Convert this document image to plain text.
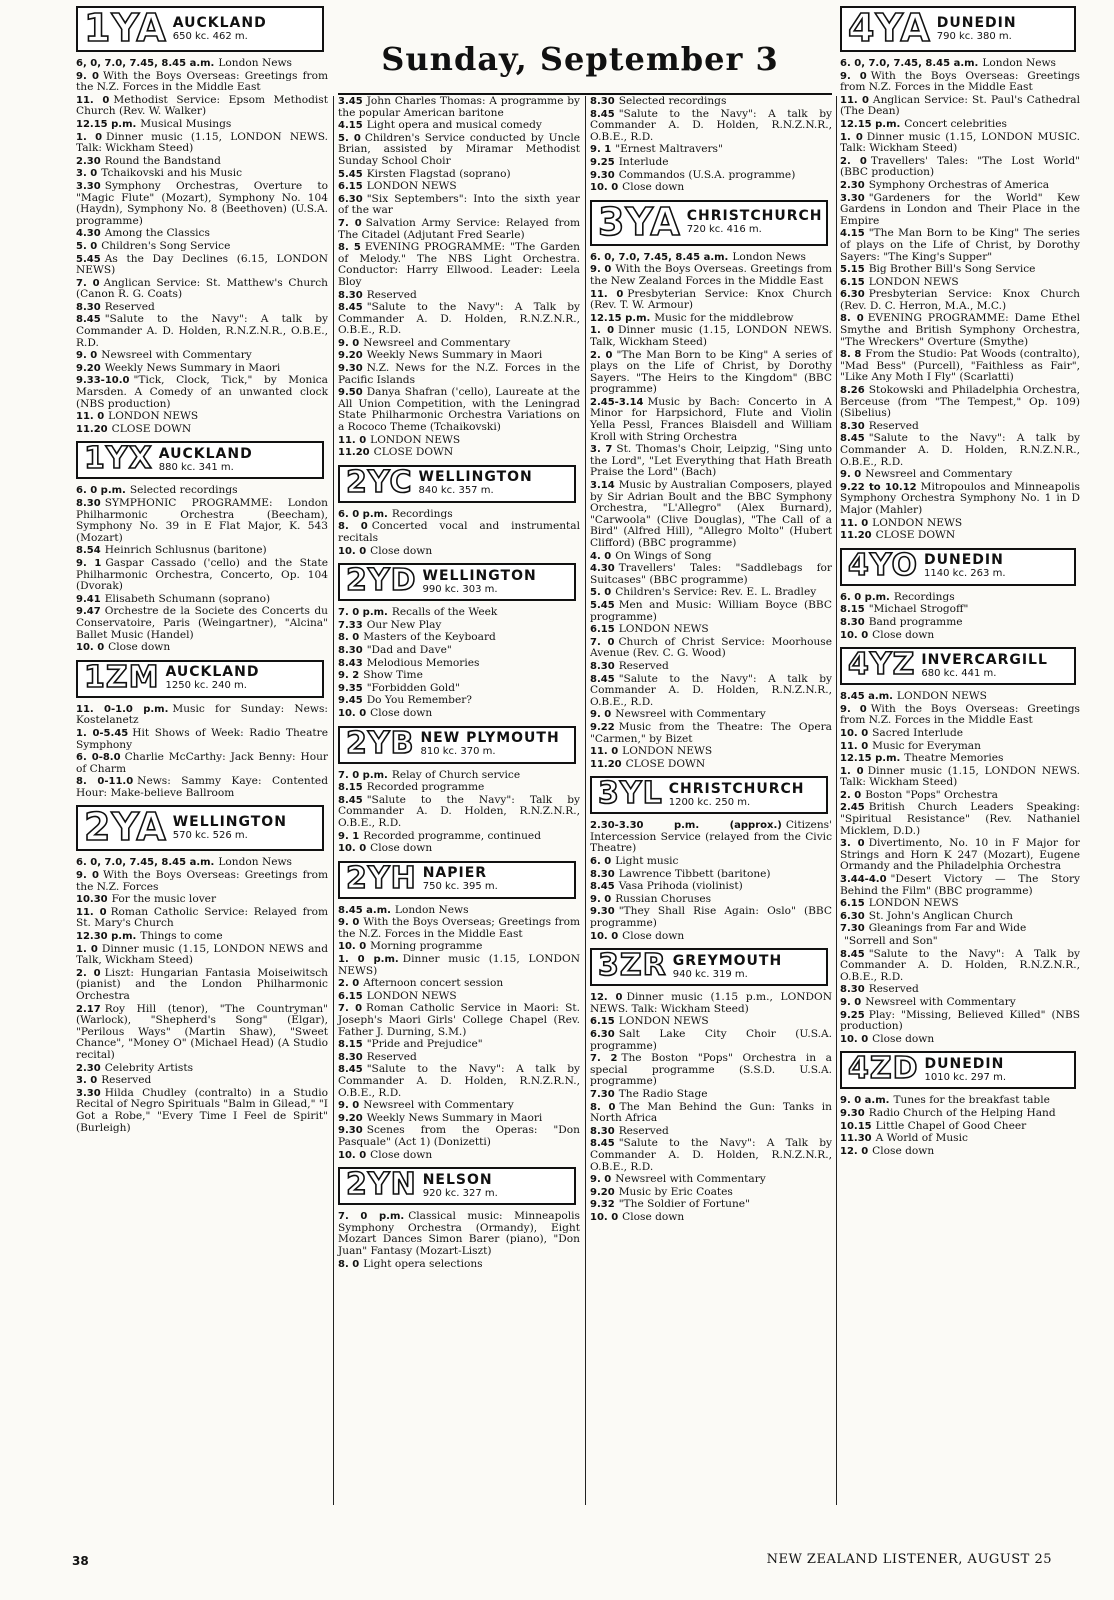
Sunday, September 3
1YA AUCKLAND
650 kc. 462 m.
6, 0, 7.0, 7.45, 8.45 a.m. London News
9. 0 With the Boys Overseas: Greetings from the N.Z. Forces in the Middle East
11. 0 Methodist Service: Epsom Methodist Church (Rev. W. Walker)
12.15 p.m. Musical Musings
1. 0 Dinner music (1.15, LONDON NEWS. Talk: Wickham Steed)
2.30 Round the Bandstand
3. 0 Tchaikovski and his Music
3.30 Symphony Orchestras, Overture to "Magic Flute" (Mozart), Symphony No. 104 (Haydn), Symphony No. 8 (Beethoven) (U.S.A. programme)
4.30 Among the Classics
5. 0 Children's Song Service
5.45 As the Day Declines (6.15, LONDON NEWS)
7. 0 Anglican Service: St. Matthew's Church (Canon R. G. Coats)
8.30 Reserved
8.45 "Salute to the Navy": A talk by Commander A. D. Holden, R.N.Z.N.R., O.B.E., R.D.
9. 0 Newsreel with Commentary
9.20 Weekly News Summary in Maori
9.33-10.0 "Tick, Clock, Tick," by Monica Marsden. A Comedy of an unwanted clock (NBS production)
11. 0 LONDON NEWS
11.20 CLOSE DOWN
1YX AUCKLAND
880 kc. 341 m.
6. 0 p.m. Selected recordings
8.30 SYMPHONIC PROGRAMME: London Philharmonic Orchestra (Beecham), Symphony No. 39 in E Flat Major, K. 543 (Mozart)
8.54 Heinrich Schlusnus (baritone)
9. 1 Gaspar Cassado ('cello) and the State Philharmonic Orchestra, Concerto, Op. 104 (Dvorak)
9.41 Elisabeth Schumann (soprano)
9.47 Orchestre de la Societe des Concerts du Conservatoire, Paris (Weingartner), "Alcina" Ballet Music (Handel)
10. 0 Close down
1ZM AUCKLAND
1250 kc. 240 m.
11. 0-1.0 p.m. Music for Sunday: News: Kostelanetz
1. 0-5.45 Hit Shows of Week: Radio Theatre Symphony
6. 0-8.0 Charlie McCarthy: Jack Benny: Hour of Charm
8. 0-11.0 News: Sammy Kaye: Contented Hour: Make-believe Ballroom
2YA WELLINGTON
570 kc. 526 m.
6. 0, 7.0, 7.45, 8.45 a.m. London News
9. 0 With the Boys Overseas: Greetings from the N.Z. Forces
10.30 For the music lover
11. 0 Roman Catholic Service: Relayed from St. Mary's Church
12.30 p.m. Things to come
1. 0 Dinner music (1.15, LONDON NEWS and Talk, Wickham Steed)
2. 0 Liszt: Hungarian Fantasia Moiseiwitsch (pianist) and the London Philharmonic Orchestra
2.17 Roy Hill (tenor), "The Countryman" (Warlock), "Shepherd's Song" (Elgar), "Perilous Ways" (Martin Shaw), "Sweet Chance", "Money O" (Michael Head) (A Studio recital)
2.30 Celebrity Artists
3. 0 Reserved
3.30 Hilda Chudley (contralto) in a Studio Recital of Negro Spirituals "Balm in Gilead," "I Got a Robe," "Every Time I Feel de Spirit" (Burleigh)
3.45 John Charles Thomas: A programme by the popular American baritone
4.15 Light opera and musical comedy
5. 0 Children's Service conducted by Uncle Brian, assisted by Miramar Methodist Sunday School Choir
5.45 Kirsten Flagstad (soprano)
6.15 LONDON NEWS
6.30 "Six Septembers": Into the sixth year of the war
7. 0 Salvation Army Service: Relayed from The Citadel (Adjutant Fred Searle)
8. 5 EVENING PROGRAMME: "The Garden of Melody." The NBS Light Orchestra. Conductor: Harry Ellwood. Leader: Leela Bloy
8.30 Reserved
8.45 "Salute to the Navy": A Talk by Commander A. D. Holden, R.N.Z.N.R., O.B.E., R.D.
9. 0 Newsreel and Commentary
9.20 Weekly News Summary in Maori
9.30 N.Z. News for the N.Z. Forces in the Pacific Islands
9.50 Danya Shafran ('cello), Laureate at the All Union Competition, with the Leningrad State Philharmonic Orchestra Variations on a Rococo Theme (Tchaikovski)
11. 0 LONDON NEWS
11.20 CLOSE DOWN
2YC WELLINGTON
840 kc. 357 m.
6. 0 p.m. Recordings
8. 0 Concerted vocal and instrumental recitals
10. 0 Close down
2YD WELLINGTON
990 kc. 303 m.
7. 0 p.m. Recalls of the Week
7.33 Our New Play
8. 0 Masters of the Keyboard
8.30 "Dad and Dave"
8.43 Melodious Memories
9. 2 Show Time
9.35 "Forbidden Gold"
9.45 Do You Remember?
10. 0 Close down
2YB NEW PLYMOUTH
810 kc. 370 m.
7. 0 p.m. Relay of Church service
8.15 Recorded programme
8.45 "Salute to the Navy": Talk by Commander A. D. Holden, R.N.Z.N.R., O.B.E., R.D.
9. 1 Recorded programme, continued
10. 0 Close down
2YH NAPIER
750 kc. 395 m.
8.45 a.m. London News
9. 0 With the Boys Overseas; Greetings from the N.Z. Forces in the Middle East
10. 0 Morning programme
1. 0 p.m. Dinner music (1.15, LONDON NEWS)
2. 0 Afternoon concert session
6.15 LONDON NEWS
7. 0 Roman Catholic Service in Maori: St. Joseph's Maori Girls' College Chapel (Rev. Father J. Durning, S.M.)
8.15 "Pride and Prejudice"
8.30 Reserved
8.45 "Salute to the Navy": A talk by Commander A. D. Holden, R.N.Z.R.N., O.B.E., R.D.
9. 0 Newsreel with Commentary
9.20 Weekly News Summary in Maori
9.30 Scenes from the Operas: "Don Pasquale" (Act 1) (Donizetti)
10. 0 Close down
2YN NELSON
920 kc. 327 m.
7. 0 p.m. Classical music: Minneapolis Symphony Orchestra (Ormandy), Eight Mozart Dances Simon Barer (piano), "Don Juan" Fantasy (Mozart-Liszt)
8. 0 Light opera selections
8.30 Selected recordings
8.45 "Salute to the Navy": A talk by Commander A. D. Holden, R.N.Z.N.R., O.B.E., R.D.
9. 1 "Ernest Maltravers"
9.25 Interlude
9.30 Commandos (U.S.A. programme)
10. 0 Close down
3YA CHRISTCHURCH
720 kc. 416 m.
6. 0, 7.0, 7.45, 8.45 a.m. London News
9. 0 With the Boys Overseas. Greetings from the New Zealand Forces in the Middle East
11. 0 Presbyterian Service: Knox Church (Rev. T. W. Armour)
12.15 p.m. Music for the middlebrow
1. 0 Dinner music (1.15, LONDON NEWS. Talk, Wickham Steed)
2. 0 "The Man Born to be King" A series of plays on the Life of Christ, by Dorothy Sayers. "The Heirs to the Kingdom" (BBC programme)
2.45-3.14 Music by Bach: Concerto in A Minor for Harpsichord, Flute and Violin Yella Pessl, Frances Blaisdell and William Kroll with String Orchestra
3. 7 St. Thomas's Choir, Leipzig, "Sing unto the Lord", "Let Everything that Hath Breath Praise the Lord" (Bach)
3.14 Music by Australian Composers, played by Sir Adrian Boult and the BBC Symphony Orchestra, "L'Allegro" (Alex Burnard), "Carwoola" (Clive Douglas), "The Call of a Bird" (Alfred Hill), "Allegro Molto" (Hubert Clifford) (BBC programme)
4. 0 On Wings of Song
4.30 Travellers' Tales: "Saddlebags for Suitcases" (BBC programme)
5. 0 Children's Service: Rev. E. L. Bradley
5.45 Men and Music: William Boyce (BBC programme)
6.15 LONDON NEWS
7. 0 Church of Christ Service: Moorhouse Avenue (Rev. C. G. Wood)
8.30 Reserved
8.45 "Salute to the Navy": A talk by Commander A. D. Holden, R.N.Z.N.R., O.B.E., R.D.
9. 0 Newsreel with Commentary
9.22 Music from the Theatre: The Opera "Carmen," by Bizet
11. 0 LONDON NEWS
11.20 CLOSE DOWN
3YL CHRISTCHURCH
1200 kc. 250 m.
2.30-3.30 p.m. (approx.) Citizens' Intercession Service (relayed from the Civic Theatre)
6. 0 Light music
8.30 Lawrence Tibbett (baritone)
8.45 Vasa Prihoda (violinist)
9. 0 Russian Choruses
9.30 "They Shall Rise Again: Oslo" (BBC programme)
10. 0 Close down
3ZR GREYMOUTH
940 kc. 319 m.
12. 0 Dinner music (1.15 p.m., LONDON NEWS. Talk: Wickham Steed)
6.15 LONDON NEWS
6.30 Salt Lake City Choir (U.S.A. programme)
7. 2 The Boston "Pops" Orchestra in a special programme (S.S.D. U.S.A. programme)
7.30 The Radio Stage
8. 0 The Man Behind the Gun: Tanks in North Africa
8.30 Reserved
8.45 "Salute to the Navy": A Talk by Commander A. D. Holden, R.N.Z.N.R., O.B.E., R.D.
9. 0 Newsreel with Commentary
9.20 Music by Eric Coates
9.32 "The Soldier of Fortune"
10. 0 Close down
4YA DUNEDIN
790 kc. 380 m.
6. 0, 7.0, 7.45, 8.45 a.m. London News
9. 0 With the Boys Overseas: Greetings from N.Z. Forces in the Middle East
11. 0 Anglican Service: St. Paul's Cathedral (The Dean)
12.15 p.m. Concert celebrities
1. 0 Dinner music (1.15, LONDON MUSIC. Talk: Wickham Steed)
2. 0 Travellers' Tales: "The Lost World" (BBC production)
2.30 Symphony Orchestras of America
3.30 "Gardeners for the World" Kew Gardens in London and Their Place in the Empire
4.15 "The Man Born to be King" The series of plays on the Life of Christ, by Dorothy Sayers: "The King's Supper"
5.15 Big Brother Bill's Song Service
6.15 LONDON NEWS
6.30 Presbyterian Service: Knox Church (Rev. D. C. Herron, M.A., M.C.)
8. 0 EVENING PROGRAMME: Dame Ethel Smythe and British Symphony Orchestra, "The Wreckers" Overture (Smythe)
8. 8 From the Studio: Pat Woods (contralto), "Mad Bess" (Purcell), "Faithless as Fair", "Like Any Moth I Fly" (Scarlatti)
8.26 Stokowski and Philadelphia Orchestra, Berceuse (from "The Tempest," Op. 109) (Sibelius)
8.30 Reserved
8.45 "Salute to the Navy": A talk by Commander A. D. Holden, R.N.Z.N.R., O.B.E., R.D.
9. 0 Newsreel and Commentary
9.22 to 10.12 Mitropoulos and Minneapolis Symphony Orchestra Symphony No. 1 in D Major (Mahler)
11. 0 LONDON NEWS
11.20 CLOSE DOWN
4YO DUNEDIN
1140 kc. 263 m.
6. 0 p.m. Recordings
8.15 "Michael Strogoff"
8.30 Band programme
10. 0 Close down
4YZ INVERCARGILL
680 kc. 441 m.
8.45 a.m. LONDON NEWS
9. 0 With the Boys Overseas: Greetings from N.Z. Forces in the Middle East
10. 0 Sacred Interlude
11. 0 Music for Everyman
12.15 p.m. Theatre Memories
1. 0 Dinner music (1.15, LONDON NEWS. Talk: Wickham Steed)
2. 0 Boston "Pops" Orchestra
2.45 British Church Leaders Speaking: "Spiritual Resistance" (Rev. Nathaniel Micklem, D.D.)
3. 0 Divertimento, No. 10 in F Major for Strings and Horn K 247 (Mozart), Eugene Ormandy and the Philadelphia Orchestra
3.44-4.0 "Desert Victory — The Story Behind the Film" (BBC programme)
6.15 LONDON NEWS
6.30 St. John's Anglican Church
7.30 Gleanings from Far and Wide
"Sorrell and Son"
8.45 "Salute to the Navy": A Talk by Commander A. D. Holden, R.N.Z.N.R., O.B.E., R.D.
8.30 Reserved
9. 0 Newsreel with Commentary
9.25 Play: "Missing, Believed Killed" (NBS production)
10. 0 Close down
4ZD DUNEDIN
1010 kc. 297 m.
9. 0 a.m. Tunes for the breakfast table
9.30 Radio Church of the Helping Hand
10.15 Little Chapel of Good Cheer
11.30 A World of Music
12. 0 Close down
38	NEW ZEALAND LISTENER, AUGUST 25
